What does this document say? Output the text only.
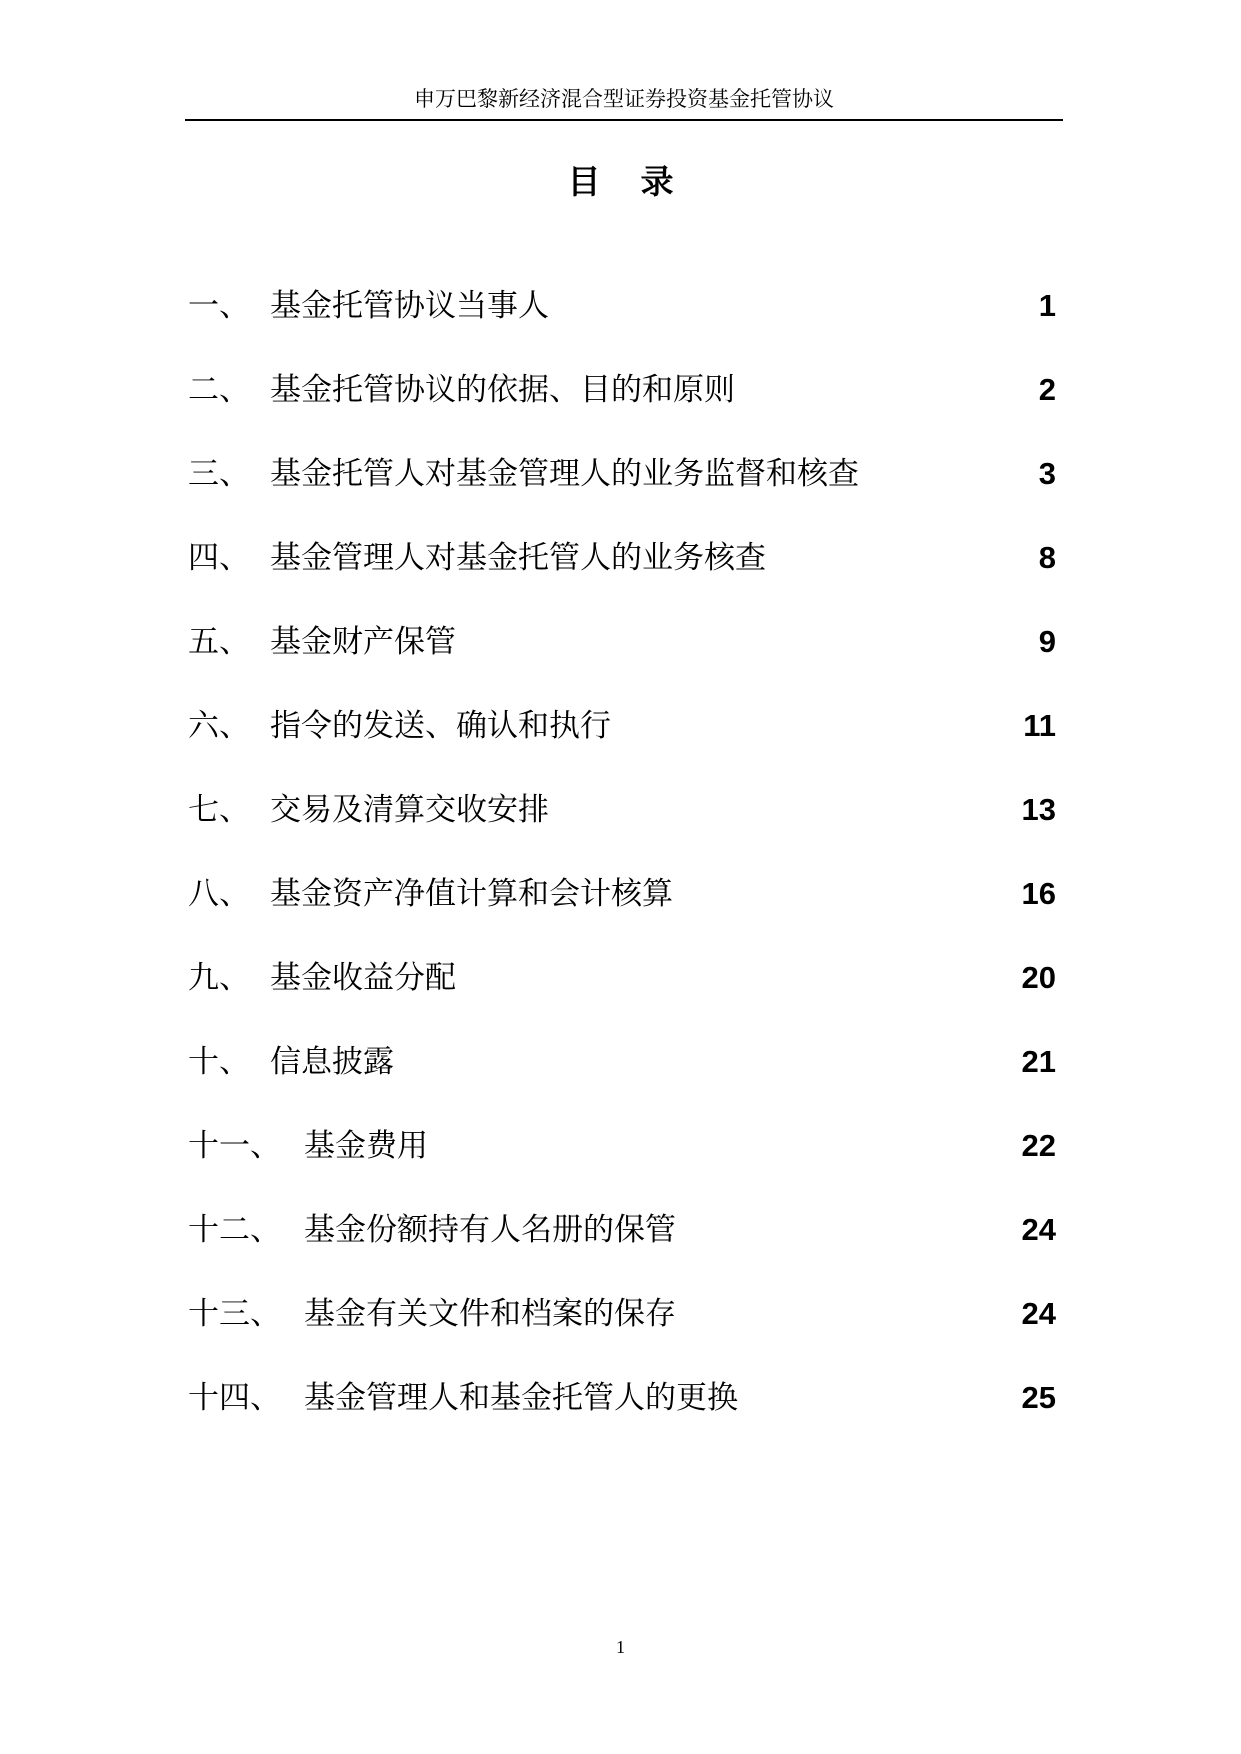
申万巴黎新经济混合型证券投资基金托管协议
目 录
一、 基金托管协议当事人	1
二、 基金托管协议的依据、目的和原则	2
三、 基金托管人对基金管理人的业务监督和核查	3
四、 基金管理人对基金托管人的业务核查	8
五、 基金财产保管	9
六、 指令的发送、确认和执行	11
七、 交易及清算交收安排	13
八、 基金资产净值计算和会计核算	16
九、 基金收益分配	20
十、 信息披露	21
十一、 基金费用	22
十二、 基金份额持有人名册的保管	24
十三、 基金有关文件和档案的保存	24
十四、 基金管理人和基金托管人的更换	25
1
